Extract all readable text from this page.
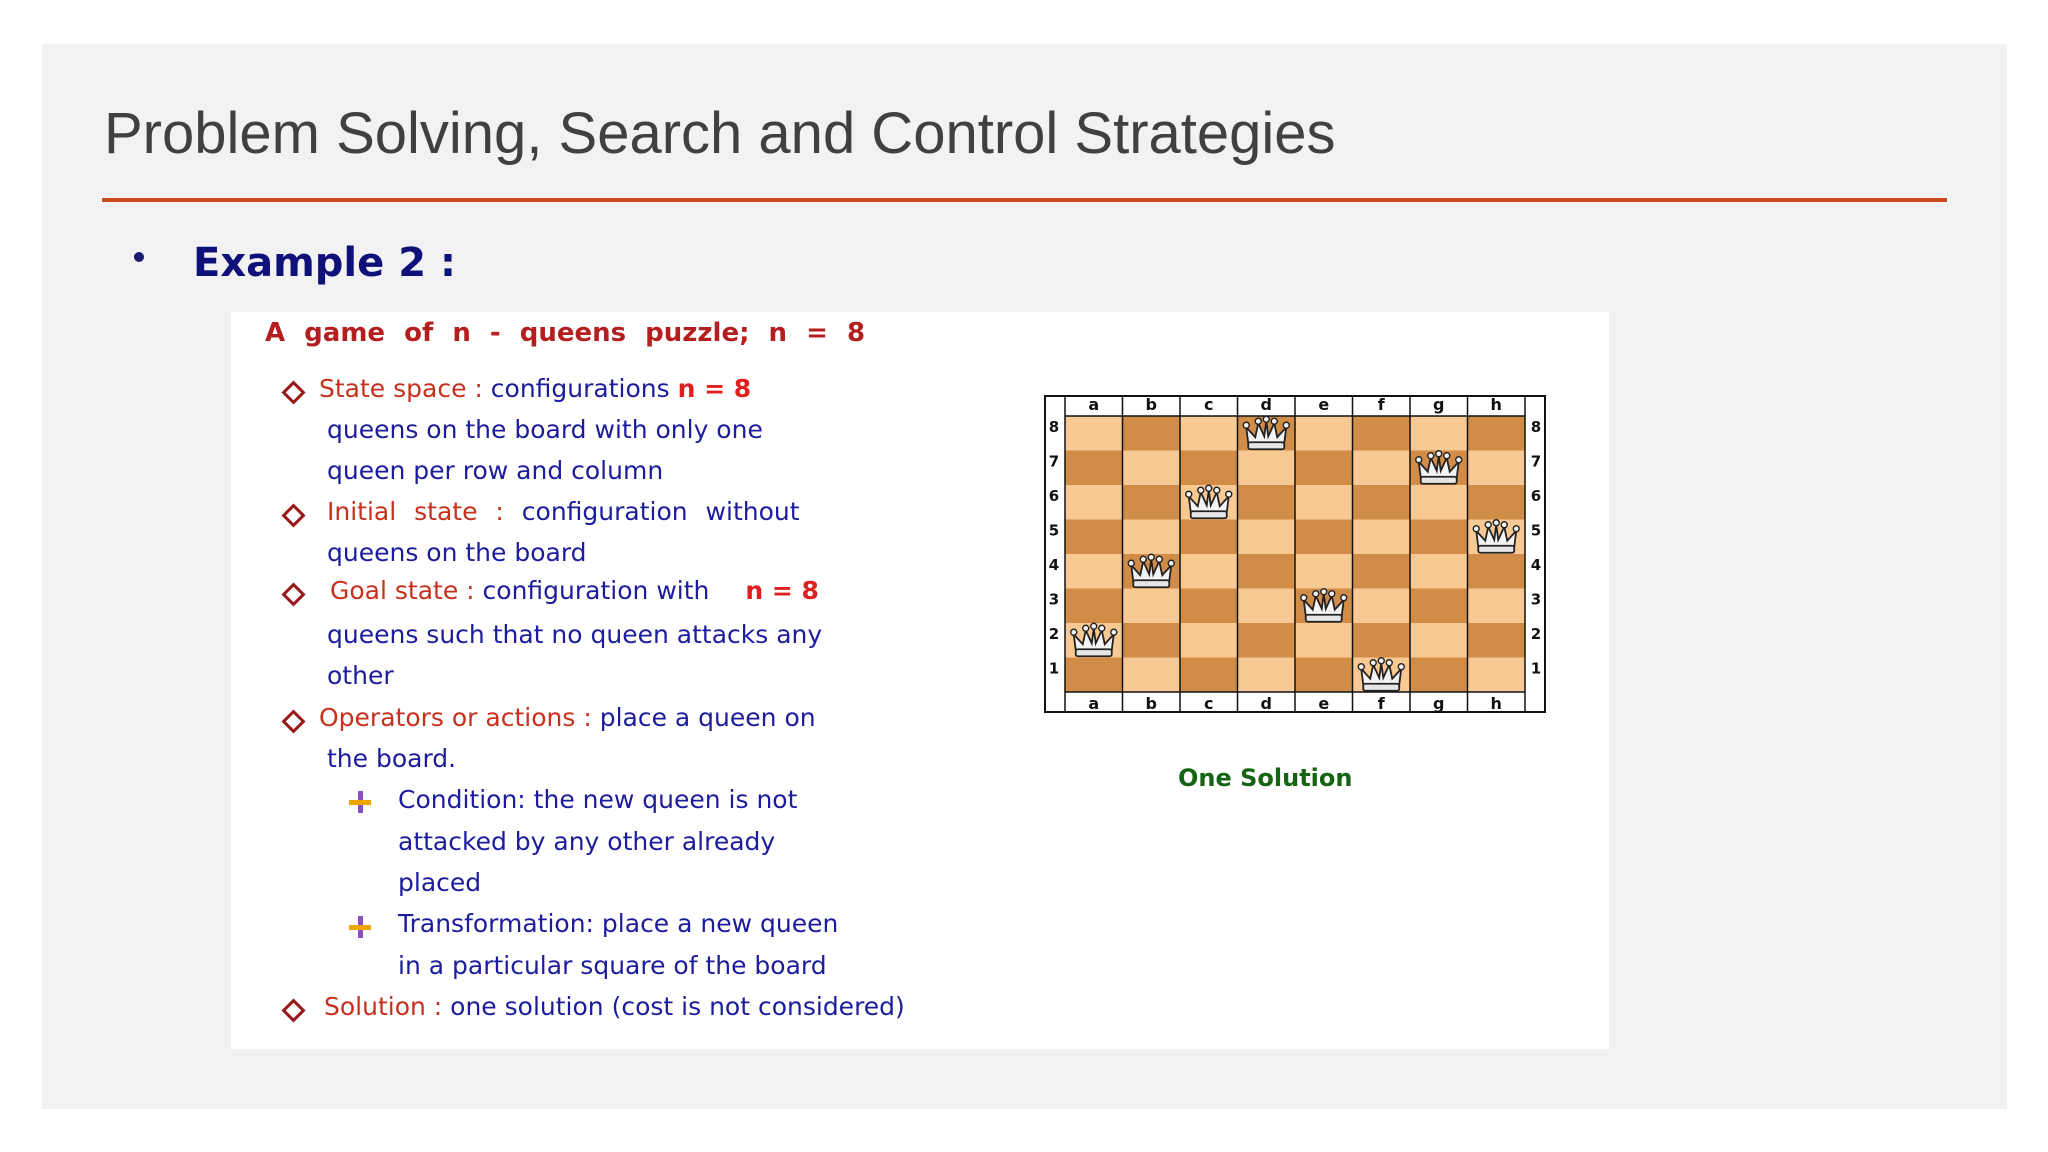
Problem Solving, Search and Control Strategies
Example 2 :
A game of n - queens puzzle; n = 8
State space : configurations n = 8
queens on the board with only one
queen per row and column
Initial state : configuration without
queens on the board
Goal state : configuration with n = 8
queens such that no queen attacks any
other
Operators or actions : place a queen on
the board.
Condition: the new queen is not
attacked by any other already
placed
Transformation: place a new queen
in a particular square of the board
Solution : one solution (cost is not considered)
a
a
b
b
c
c
d
d
e
e
f
f
g
g
h
h
8	8
7	7
6	6
5	5
4	4
3	3
2	2
1	1
One Solution
